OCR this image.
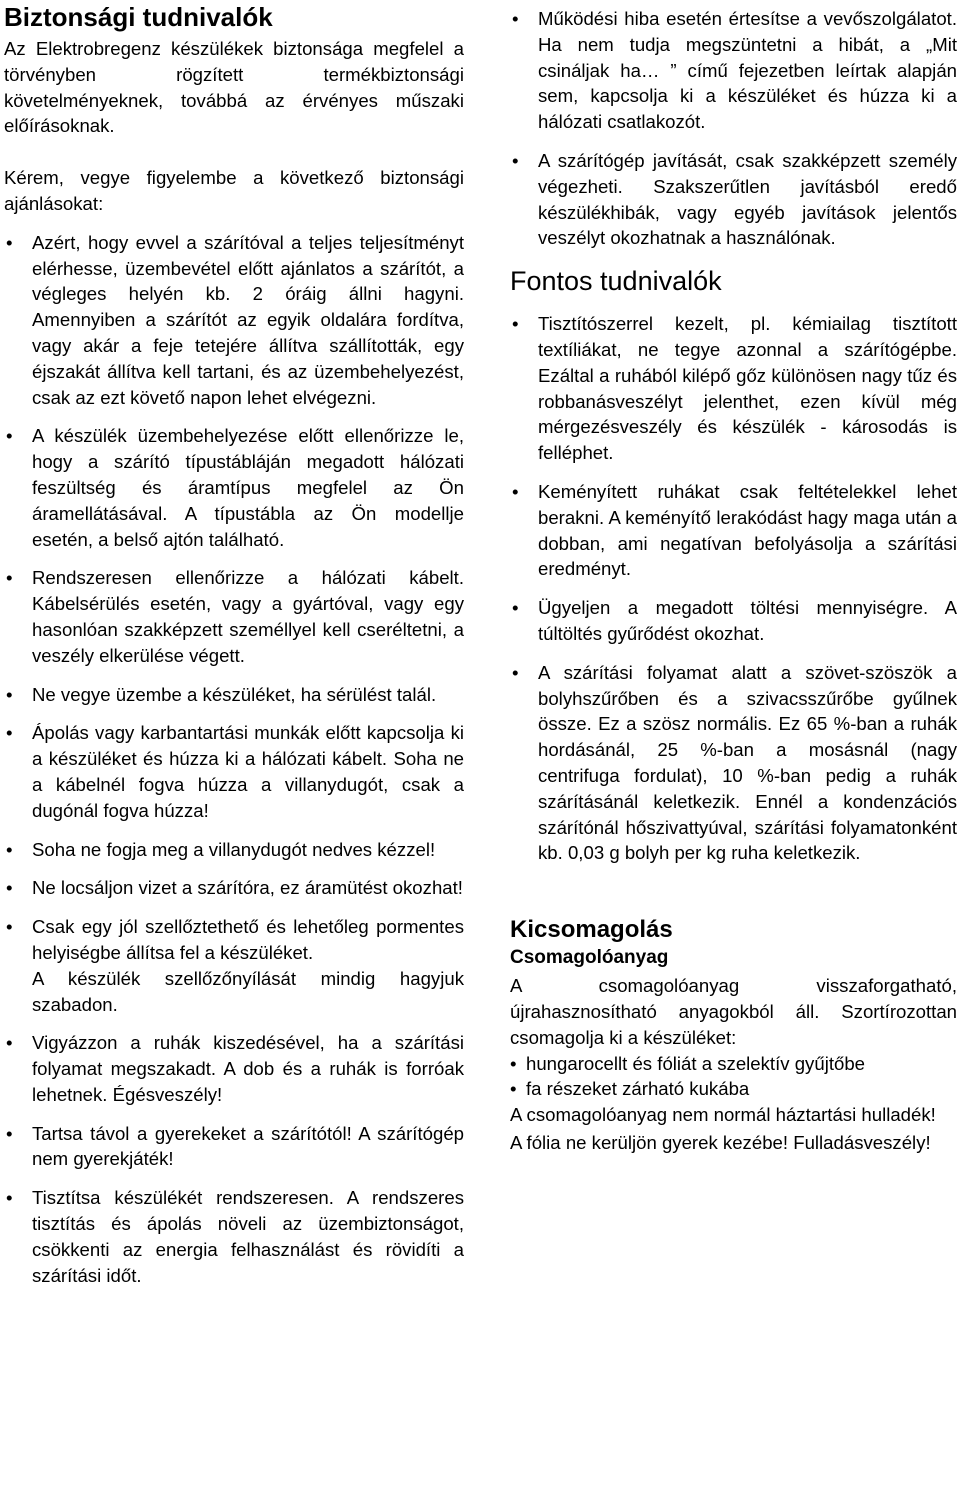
Biztonsági tudnivalók

Az Elektrobregenz készülékek biztonsága megfelel a törvényben rögzített termékbiztonsági követelményeknek, továbbá az érvényes műszaki előírásoknak.

Kérem, vegye figyelembe a következő biztonsági ajánlásokat:

• Azért, hogy evvel a szárítóval a teljes teljesítményt elérhesse, üzembevétel előtt ajánlatos a szárítót, a végleges helyén kb. 2 óráig állni hagyni. Amennyiben a szárítót az egyik oldalára fordítva, vagy akár a feje tetejére állítva szállították, egy éjszakát állítva kell tartani, és az üzembehelyezést, csak az ezt követő napon lehet elvégezni.
• A készülék üzembehelyezése előtt ellenőrizze le, hogy a szárító típustábláján megadott hálózati feszültség és áramtípus megfelel az Ön áramellátásával. A típustábla az Ön modellje esetén, a belső ajtón található.
• Rendszeresen ellenőrizze a hálózati kábelt. Kábelsérülés esetén, vagy a gyártóval, vagy egy hasonlóan szakképzett személlyel kell cseréltetni, a veszély elkerülése végett.
• Ne vegye üzembe a készüléket, ha sérülést talál.
• Ápolás vagy karbantartási munkák előtt kapcsolja ki a készüléket és húzza ki a hálózati kábelt. Soha ne a kábelnél fogva húzza a villanydugót, csak a dugónál fogva húzza!
• Soha ne fogja meg a villanydugót nedves kézzel!
• Ne locsáljon vizet a szárítóra, ez áramütést okozhat!
• Csak egy jól szellőztethető és lehetőleg pormentes helyiségbe állítsa fel a készüléket.
A készülék szellőzőnyílását mindig hagyjuk szabadon.
• Vigyázzon a ruhák kiszedésével, ha a szárítási folyamat megszakadt. A dob és a ruhák is forróak lehetnek. Égésveszély!
• Tartsa távol a gyerekeket a szárítótól! A szárítógép nem gyerekjáték!
• Tisztítsa készülékét rendszeresen. A rendszeres tisztítás és ápolás növeli az üzembiztonságot, csökkenti az energia felhasználást és rövidíti a szárítási időt.
• Működési hiba esetén értesítse a vevőszolgálatot. Ha nem tudja megszüntetni a hibát, a „Mit csináljak ha… ” című fejezetben leírtak alapján sem, kapcsolja ki a készüléket és húzza ki a hálózati csatlakozót.
• A szárítógép javítását, csak szakképzett személy végezheti. Szakszerűtlen javításból eredő készülékhibák, vagy egyéb javítások jelentős veszélyt okozhatnak a használónak.
Fontos tudnivalók
• Tisztítószerrel kezelt, pl. kémiailag tisztított textíliákat, ne tegye azonnal a szárítógépbe. Ezáltal a ruhából kilépő gőz különösen nagy tűz és robbanásveszélyt jelenthet, ezen kívül még mérgezésveszély és készülék - károsodás is felléphet.
• Keményített ruhákat csak feltételekkel lehet berakni. A keményítő lerakódást hagy maga után a dobban, ami negatívan befolyásolja a szárítási eredményt.
• Ügyeljen a megadott töltési mennyiségre. A túltöltés gyűrődést okozhat.
• A szárítási folyamat alatt a szövet-szöszök a bolyhszűrőben és a szivacsszűrőbe gyűlnek össze. Ez a szösz normális. Ez 65 %-ban a ruhák hordásánál, 25 %-ban a mosásnál (nagy centrifuga fordulat), 10 %-ban pedig a ruhák szárításánál keletkezik. Ennél a kondenzációs szárítónál hőszivattyúval, szárítási folyamatonként kb. 0,03 g bolyh per kg ruha keletkezik.
Kicsomagolás
Csomagolóanyag

A csomagolóanyag visszaforgatható, újrahasznosítható anyagokból áll. Szortírozottan csomagolja ki a készüléket:

• hungarocellt és fóliát a szelektív gyűjtőbe
• fa részeket zárható kukába

A csomagolóanyag nem normál háztartási hulladék!

A fólia ne kerüljön gyerek kezébe! Fulladásveszély!
